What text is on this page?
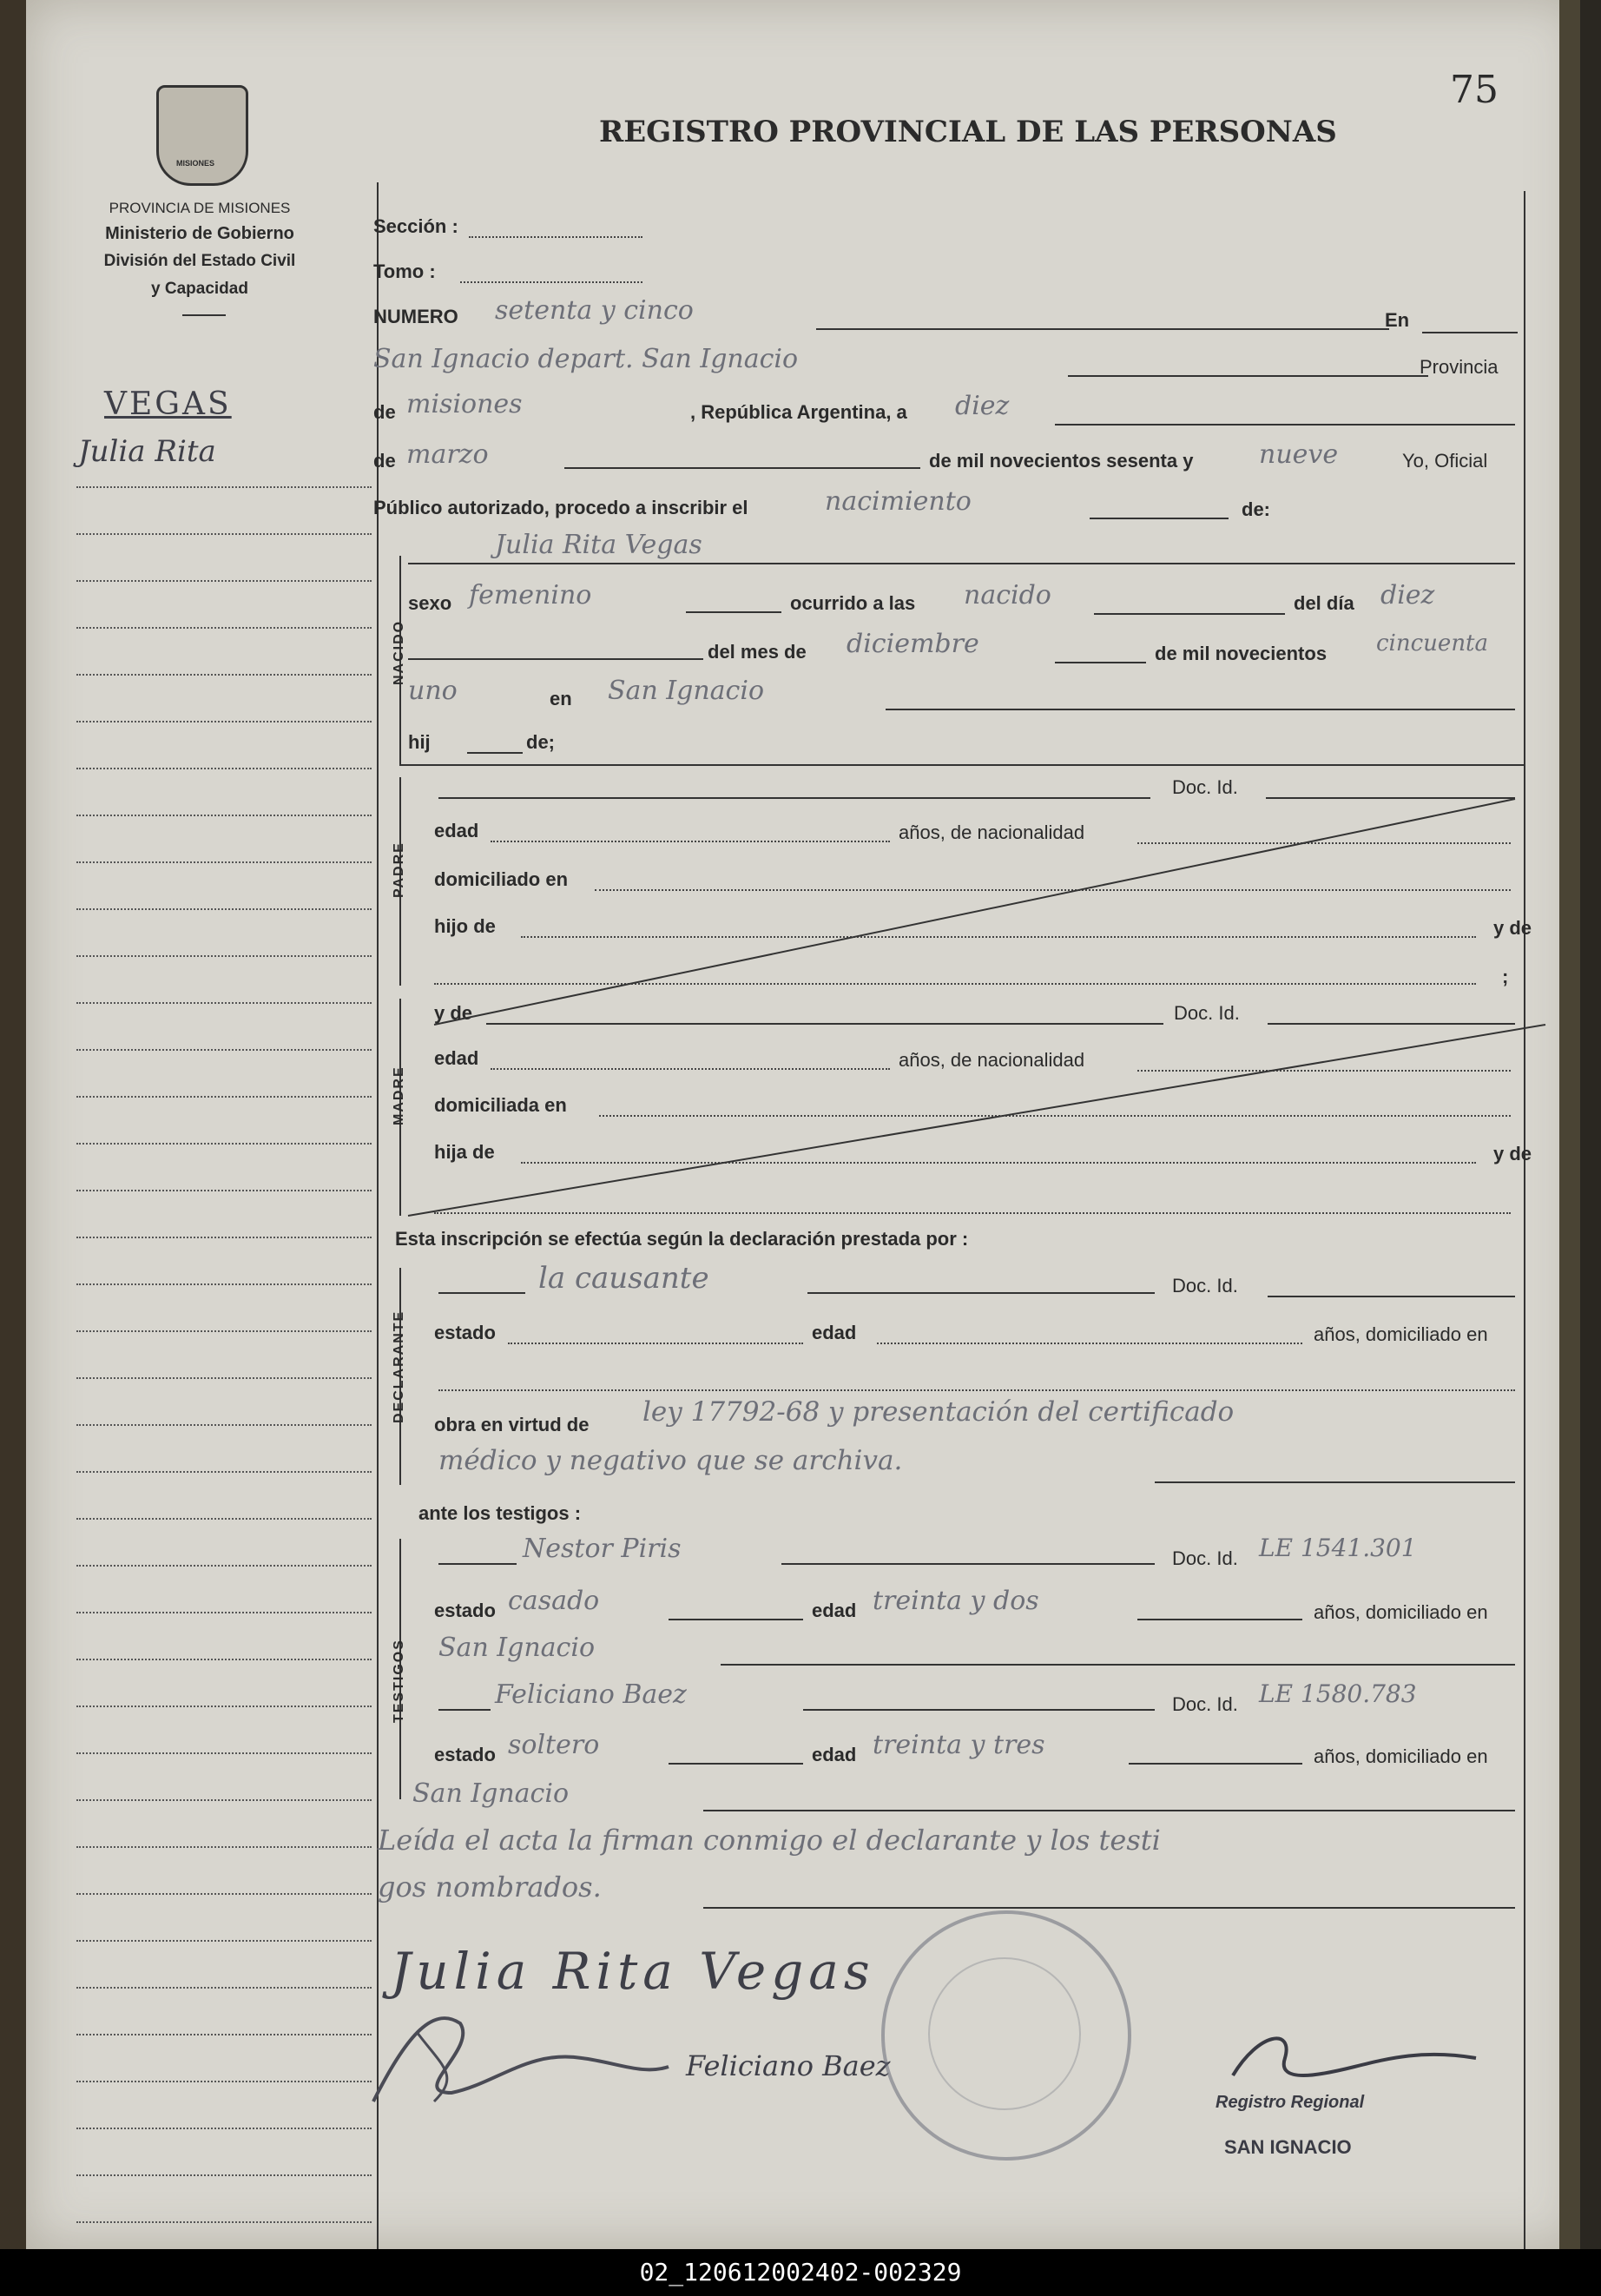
75
REGISTRO PROVINCIAL DE LAS PERSONAS
MISIONES
PROVINCIA DE MISIONES
Ministerio de Gobierno
División del Estado Civil
y Capacidad
VEGAS
Julia Rita
Sección :
Tomo :
NUMERO setenta y cinco	En
San Ignacio depart. San Ignacio	Provincia
de misiones	, República Argentina, a diez
de marzo	de mil novecientos sesenta y	nueve	Yo, Oficial
Público autorizado, procedo a inscribir el	nacimiento	de:
NACIDO
Julia Rita Vegas
sexo femenino	ocurrido a las nacido	del día diez
del mes de diciembre	de mil novecientos cincuenta
uno	en San Ignacio
hij	de;
PADRE
Doc. Id.
edad	años, de nacionalidad
domiciliado en
hijo de	y de
;
MADRE
y de	Doc. Id.
edad	años, de nacionalidad
domiciliada en
hija de	y de
Esta inscripción se efectúa según la declaración prestada por :
DECLARANTE
la causante	Doc. Id.
estado	edad	años, domiciliado en
obra en virtud de ley 17792-68 y presentación del certificado
médico y negativo que se archiva.
ante los testigos :
TESTIGOS
Nestor Piris	Doc. Id. LE 1541.301
estado casado	edad treinta y dos	años, domiciliado en
San Ignacio
Feliciano Baez	Doc. Id. LE 1580.783
estado soltero	edad treinta y tres	años, domiciliado en
San Ignacio
Leída el acta la firman conmigo el declarante y los testi
gos nombrados.
Julia Rita Vegas
Feliciano Baez
Registro Regional
SAN IGNACIO
02_120612002402-002329
